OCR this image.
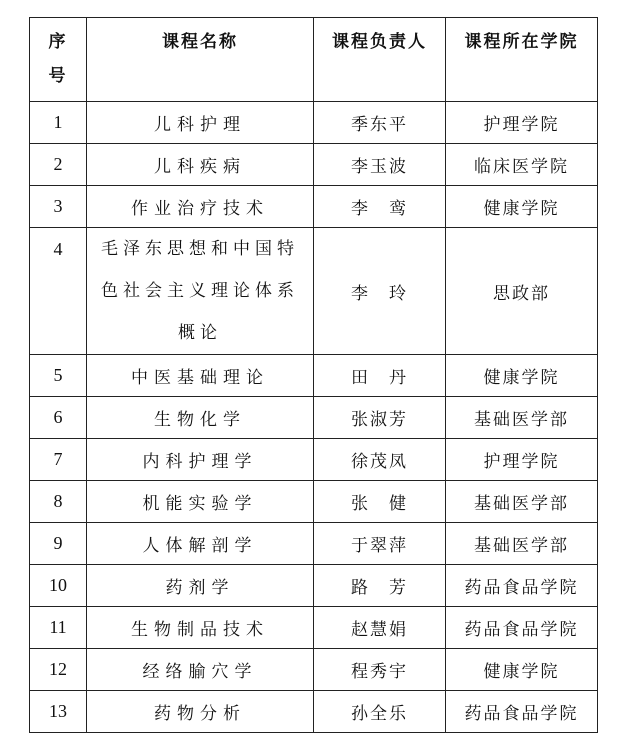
序号	课程名称	课程负责人	课程所在学院
1	儿科护理	季东平	护理学院
2	儿科疾病	李玉波	临床医学院
3	作业治疗技术	李　鸾	健康学院
4	毛泽东思想和中国特色社会主义理论体系概论	李　玲	思政部
5	中医基础理论	田　丹	健康学院
6	生物化学	张淑芳	基础医学部
7	内科护理学	徐茂凤	护理学院
8	机能实验学	张　健	基础医学部
9	人体解剖学	于翠萍	基础医学部
10	药剂学	路　芳	药品食品学院
11	生物制品技术	赵慧娟	药品食品学院
12	经络腧穴学	程秀宇	健康学院
13	药物分析	孙全乐	药品食品学院
